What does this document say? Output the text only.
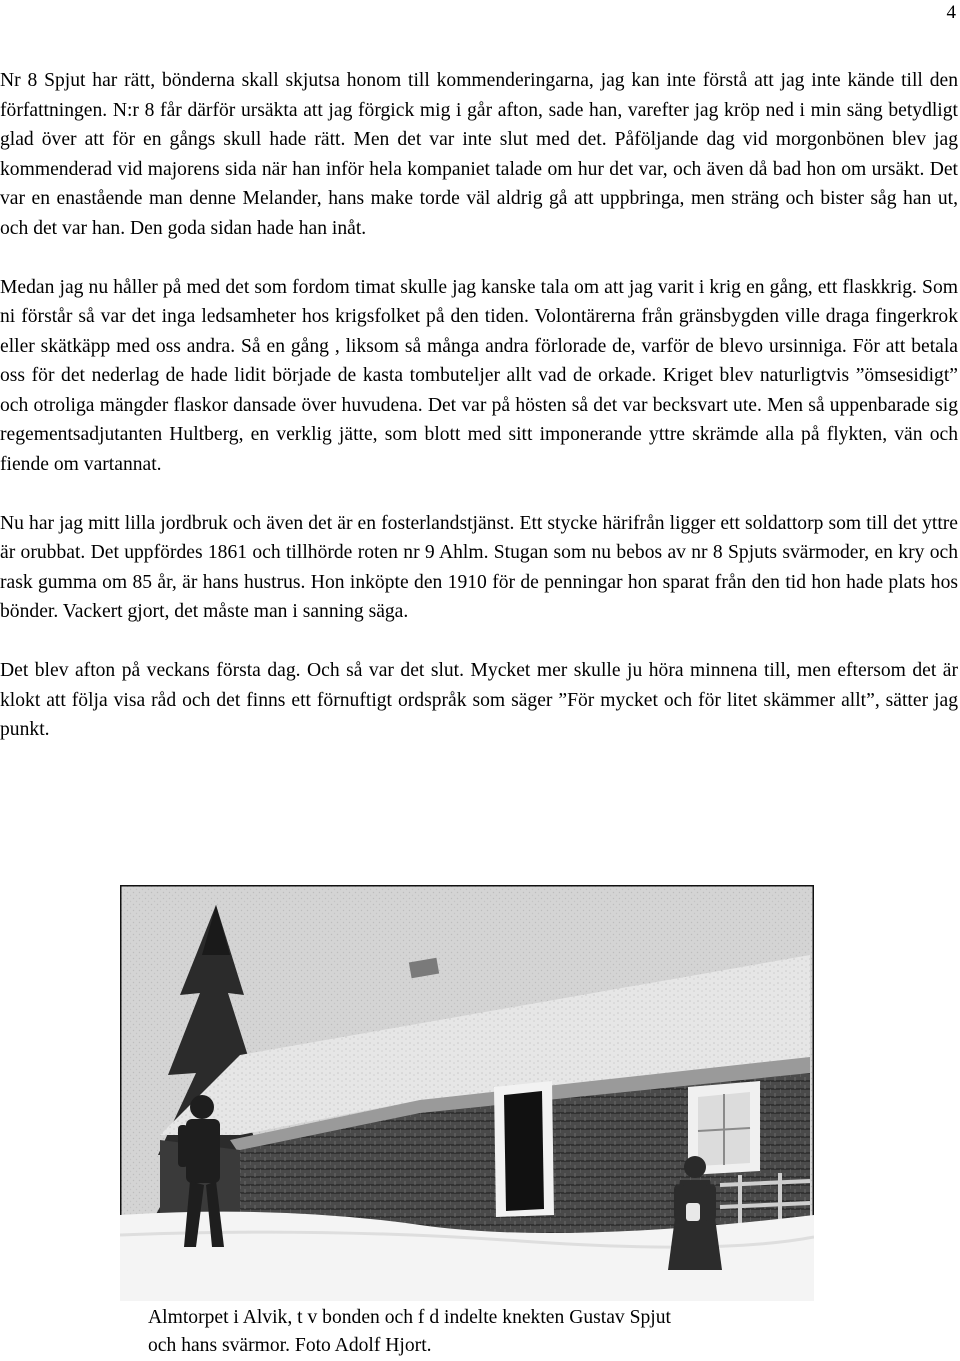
4

Nr 8 Spjut har rätt, bönderna skall skjutsa honom till kommenderingarna, jag kan inte förstå att jag inte kände till den författningen. N:r 8 får därför ursäkta att jag förgick mig i går afton, sade han, varefter jag kröp ned i min säng betydligt glad över att för en gångs skull hade rätt. Men det var inte slut med det. Påföljande dag vid morgonbönen blev jag kommenderad vid majorens sida när han inför hela kompaniet talade om hur det var, och även då bad hon om ursäkt. Det var en enastående man denne Melander, hans make torde väl aldrig gå att uppbringa, men sträng och bister såg han ut, och det var han. Den goda sidan hade han inåt.

Medan jag nu håller på med det som fordom timat skulle jag kanske tala om att jag varit i krig en gång, ett flaskkrig. Som ni förstår så var det inga ledsamheter hos krigsfolket på den tiden. Volontärerna från gränsbygden ville draga fingerkrok eller skätkäpp med oss andra. Så en gång , liksom så många andra förlorade de, varför de blevo ursinniga. För att betala oss för det nederlag de hade lidit började de kasta tombuteljer allt vad de orkade. Kriget blev naturligtvis ”ömsesidigt” och otroliga mängder flaskor dansade över huvudena. Det var på hösten så det var becksvart ute. Men så uppenbarade sig regementsadjutanten Hultberg, en verklig jätte, som blott med sitt imponerande yttre skrämde alla på flykten, vän och fiende om vartannat.

Nu har jag mitt lilla jordbruk och även det är en fosterlandstjänst. Ett stycke härifrån ligger ett soldattorp som till det yttre är orubbat. Det uppfördes 1861 och tillhörde roten nr 9 Ahlm. Stugan som nu bebos av nr 8 Spjuts svärmoder, en kry och rask gumma om 85 år, är hans hustrus. Hon inköpte den 1910 för de penningar hon sparat från den tid hon hade plats hos bönder. Vackert gjort, det måste man i sanning säga.

Det blev afton på veckans första dag. Och så var det slut. Mycket mer skulle ju höra minnena till, men eftersom det är klokt att följa visa råd och det finns ett förnuftigt ordspråk som säger ”För mycket och för litet skämmer allt”, sätter jag punkt.

Almtorpet i Alvik, t v bonden och f d indelte knekten Gustav Spjut
och hans svärmor. Foto Adolf Hjort.
